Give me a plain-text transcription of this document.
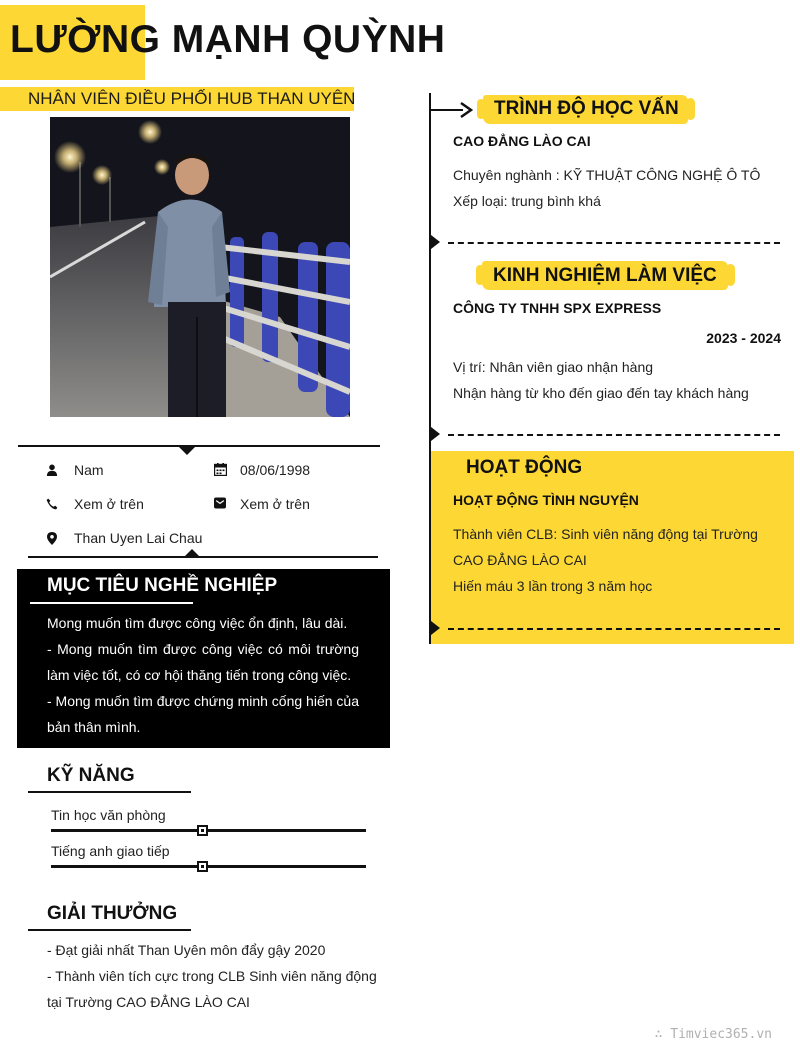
LƯỜNG MẠNH QUỲNH
NHÂN VIÊN ĐIỀU PHỐI HUB THAN UYÊN
Nam	08/06/1998
Xem ở trên	Xem ở trên
Than Uyen Lai Chau
MỤC TIÊU NGHỀ NGHIỆP
Mong muốn tìm được công việc ổn định, lâu dài.
- Mong muốn tìm được công việc có môi trường làm việc tốt, có cơ hội thăng tiến trong công việc.
- Mong muốn tìm được chứng minh cống hiến của bản thân mình.
KỸ NĂNG
Tin học văn phòng
Tiếng anh giao tiếp
GIẢI THƯỞNG
- Đạt giải nhất Than Uyên môn đẩy gậy 2020
- Thành viên tích cực trong CLB Sinh viên năng động tại Trường CAO ĐẲNG LÀO CAI
TRÌNH ĐỘ HỌC VẤN
CAO ĐẲNG LÀO CAI
Chuyên nghành : KỸ THUẬT CÔNG NGHỆ Ô TÔ
Xếp loại: trung bình khá
KINH NGHIỆM LÀM VIỆC
CÔNG TY TNHH SPX EXPRESS
2023 - 2024
Vị trí: Nhân viên giao nhận hàng
Nhận hàng từ kho đến giao đến tay khách hàng
HOẠT ĐỘNG
HOẠT ĐỘNG TÌNH NGUYỆN
Thành viên CLB: Sinh viên năng động tại Trường CAO ĐẲNG LÀO CAI
Hiến máu 3 lần trong 3 năm học
∴ Timviec365.vn
